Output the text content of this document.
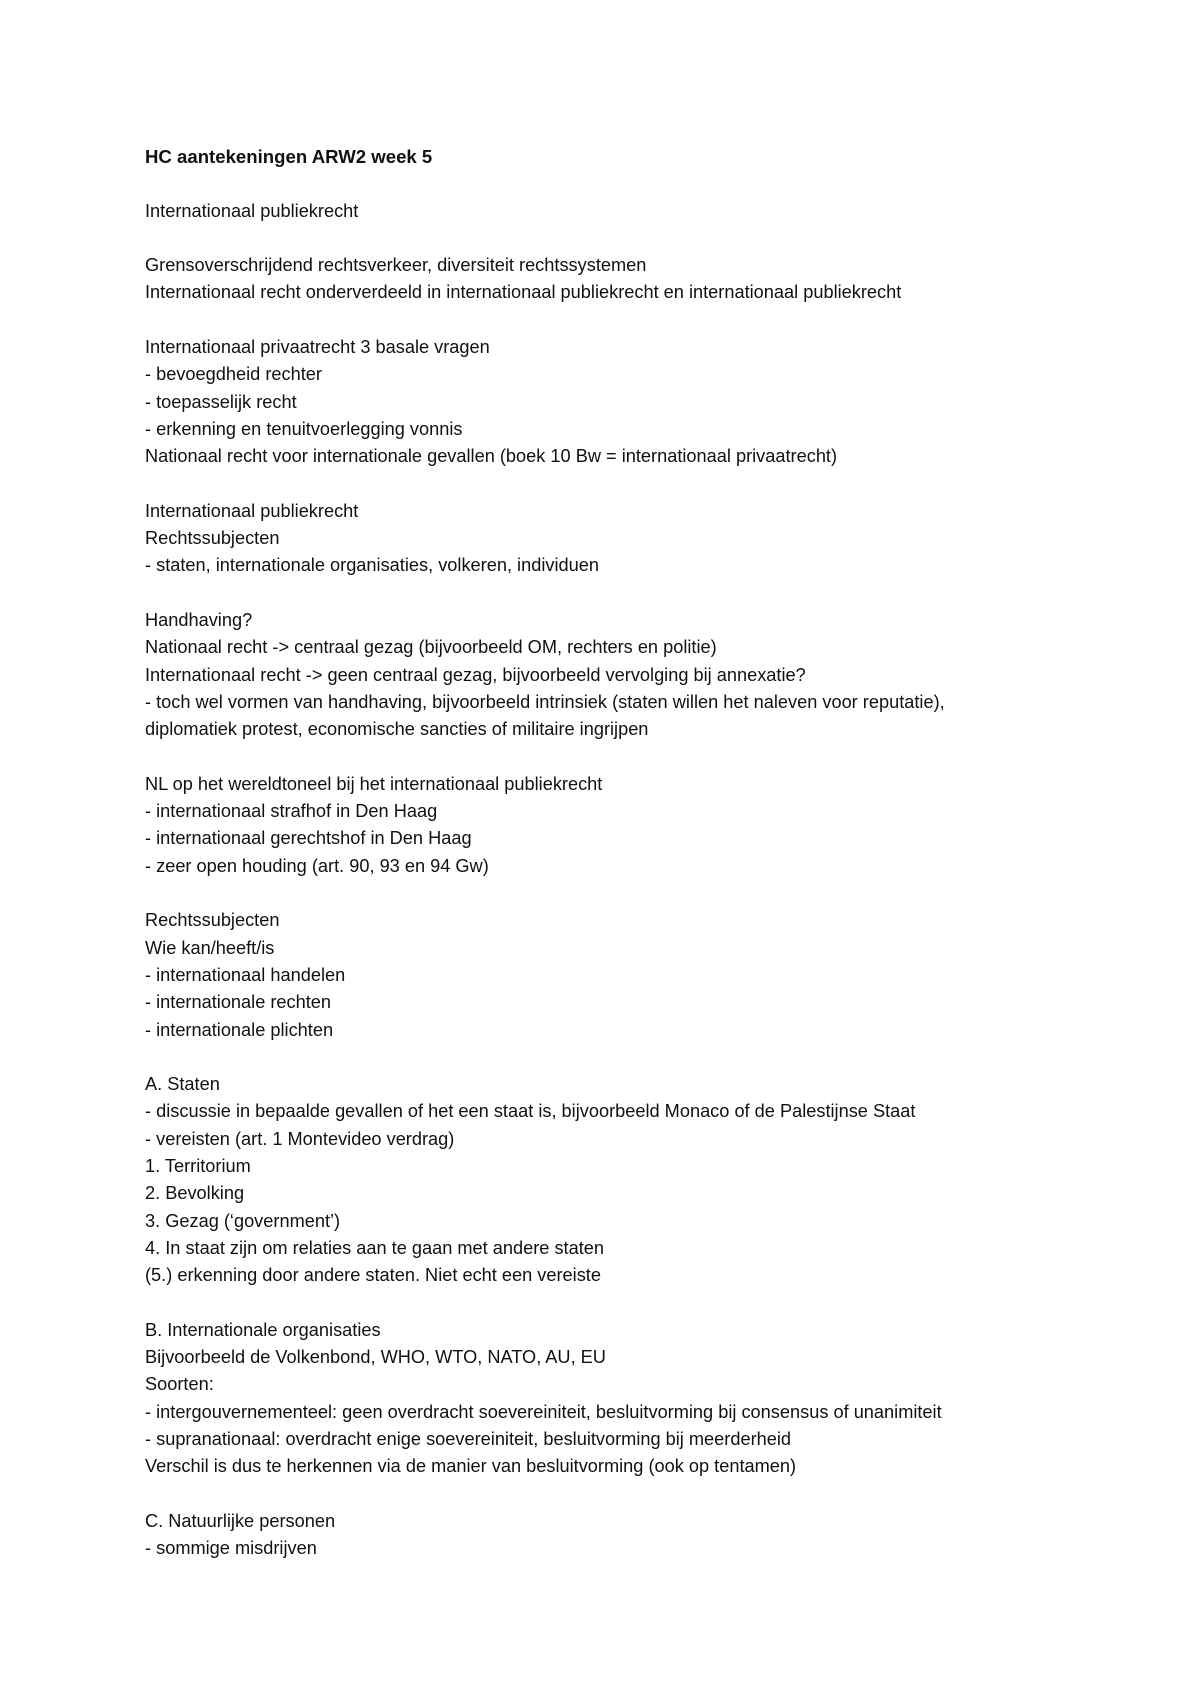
HC aantekeningen ARW2 week 5
Internationaal publiekrecht
Grensoverschrijdend rechtsverkeer, diversiteit rechtssystemen
Internationaal recht onderverdeeld in internationaal publiekrecht en internationaal publiekrecht
Internationaal privaatrecht 3 basale vragen
- bevoegdheid rechter
- toepasselijk recht
- erkenning en tenuitvoerlegging vonnis
Nationaal recht voor internationale gevallen (boek 10 Bw = internationaal privaatrecht)
Internationaal publiekrecht
Rechtssubjecten
- staten, internationale organisaties, volkeren, individuen
Handhaving?
Nationaal recht -> centraal gezag (bijvoorbeeld OM, rechters en politie)
Internationaal recht -> geen centraal gezag, bijvoorbeeld vervolging bij annexatie?
- toch wel vormen van handhaving, bijvoorbeeld intrinsiek (staten willen het naleven voor reputatie),
diplomatiek protest, economische sancties of militaire ingrijpen
NL op het wereldtoneel bij het internationaal publiekrecht
- internationaal strafhof in Den Haag
- internationaal gerechtshof in Den Haag
- zeer open houding (art. 90, 93 en 94 Gw)
Rechtssubjecten
Wie kan/heeft/is
- internationaal handelen
- internationale rechten
- internationale plichten
A. Staten
- discussie in bepaalde gevallen of het een staat is, bijvoorbeeld Monaco of de Palestijnse Staat
- vereisten (art. 1 Montevideo verdrag)
1. Territorium
2. Bevolking
3. Gezag (‘government’)
4. In staat zijn om relaties aan te gaan met andere staten
(5.) erkenning door andere staten. Niet echt een vereiste
B. Internationale organisaties
Bijvoorbeeld de Volkenbond, WHO, WTO, NATO, AU, EU
Soorten:
- intergouvernementeel: geen overdracht soevereiniteit, besluitvorming bij consensus of unanimiteit
- supranationaal: overdracht enige soevereiniteit, besluitvorming bij meerderheid
Verschil is dus te herkennen via de manier van besluitvorming (ook op tentamen)
C. Natuurlijke personen
- sommige misdrijven
